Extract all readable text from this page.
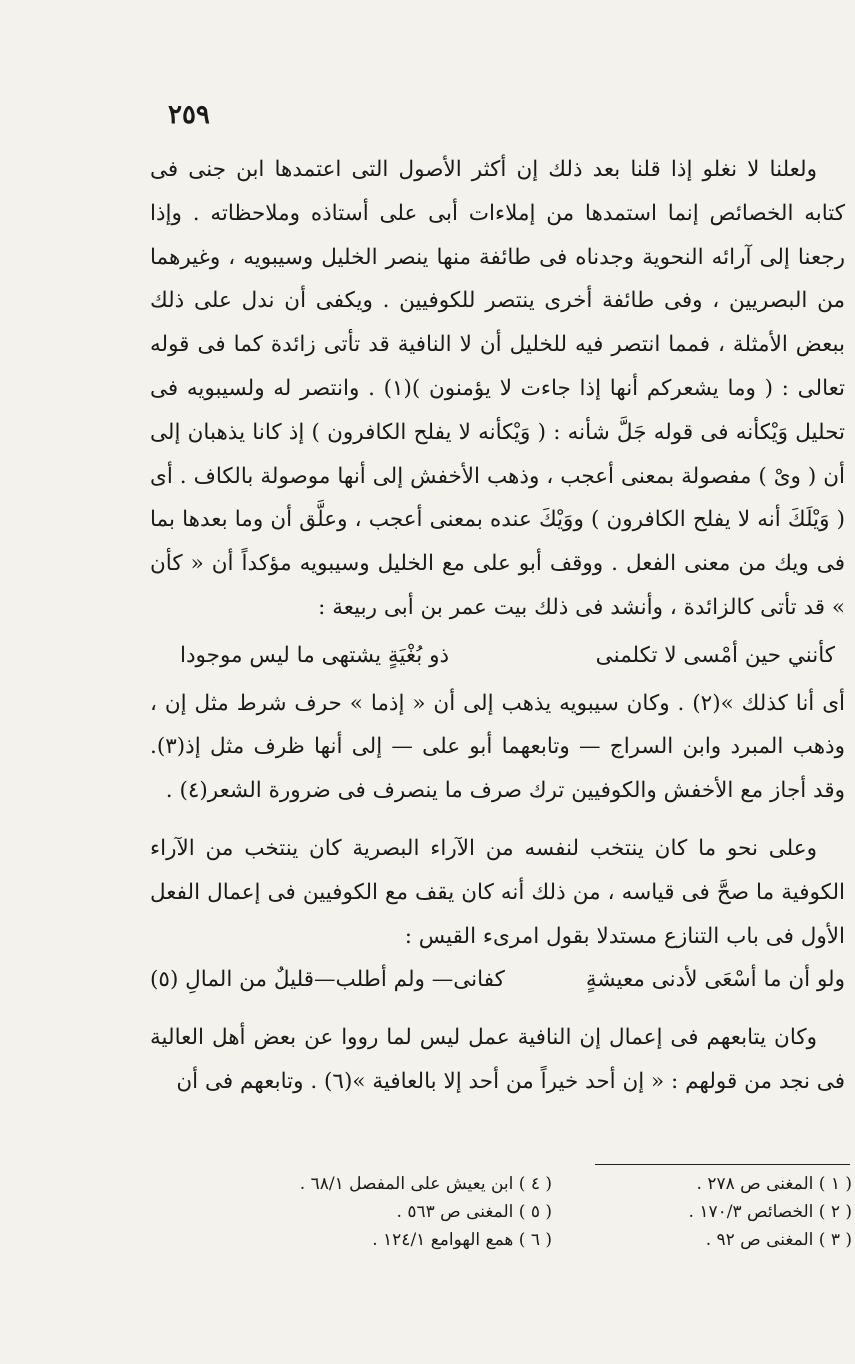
٢٥٩

ولعلنا لا نغلو إذا قلنا بعد ذلك إن أكثر الأصول التى اعتمدها ابن جنى فى كتابه الخصائص إنما استمدها من إملاءات أبى على أستاذه وملاحظاته . وإذا رجعنا إلى آرائه النحوية وجدناه فى طائفة منها ينصر الخليل وسيبويه ، وغيرهما من البصريين ، وفى طائفة أخرى ينتصر للكوفيين . ويكفى أن ندل على ذلك ببعض الأمثلة ، فمما انتصر فيه للخليل أن لا النافية قد تأتى زائدة كما فى قوله تعالى : ( وما يشعركم أنها إذا جاءت لا يؤمنون )(١) . وانتصر له ولسيبويه فى تحليل وَيْكأنه فى قوله جَلَّ شأنه : ( وَيْكأنه لا يفلح الكافرون ) إذ كانا يذهبان إلى أن ( وىْ ) مفصولة بمعنى أعجب ، وذهب الأخفش إلى أنها موصولة بالكاف . أى ( وَيْلَكَ أنه لا يفلح الكافرون ) ووَيْكَ عنده بمعنى أعجب ، وعلَّق أن وما بعدها بما فى ويك من معنى الفعل . ووقف أبو على مع الخليل وسيبويه مؤكداً أن « كأن » قد تأتى كالزائدة ، وأنشد فى ذلك بيت عمر بن أبى ربيعة :

كأنني حين أمْسى لا تكلمنى
ذو بُغْيَةٍ يشتهى ما ليس موجودا

أى أنا كذلك »(٢) . وكان سيبويه يذهب إلى أن « إذما » حرف شرط مثل إن ، وذهب المبرد وابن السراج — وتابعهما أبو على — إلى أنها ظرف مثل إذ(٣). وقد أجاز مع الأخفش والكوفيين ترك صرف ما ينصرف فى ضرورة الشعر(٤) .

وعلى نحو ما كان ينتخب لنفسه من الآراء البصرية كان ينتخب من الآراء الكوفية ما صحَّ فى قياسه ، من ذلك أنه كان يقف مع الكوفيين فى إعمال الفعل الأول فى باب التنازع مستدلا بقول امرىء القيس :

ولو أن ما أسْعَى لأدنى معيشةٍ
كفانى— ولم أطلب—قليلٌ من المالِ (٥)

وكان يتابعهم فى إعمال إن النافية عمل ليس لما رووا عن بعض أهل العالية فى نجد من قولهم : « إن أحد خيراً من أحد إلا بالعافية »(٦) . وتابعهم فى أن

( ١ ) المغنى ص ٢٧٨ .
( ٢ ) الخصائص ١٧٠/٣ .
( ٣ ) المغنى ص ٩٢ .
( ٤ ) ابن يعيش على المفصل ٦٨/١ .
( ٥ ) المغنى ص ٥٦٣ .
( ٦ ) همع الهوامع ١٢٤/١ .
